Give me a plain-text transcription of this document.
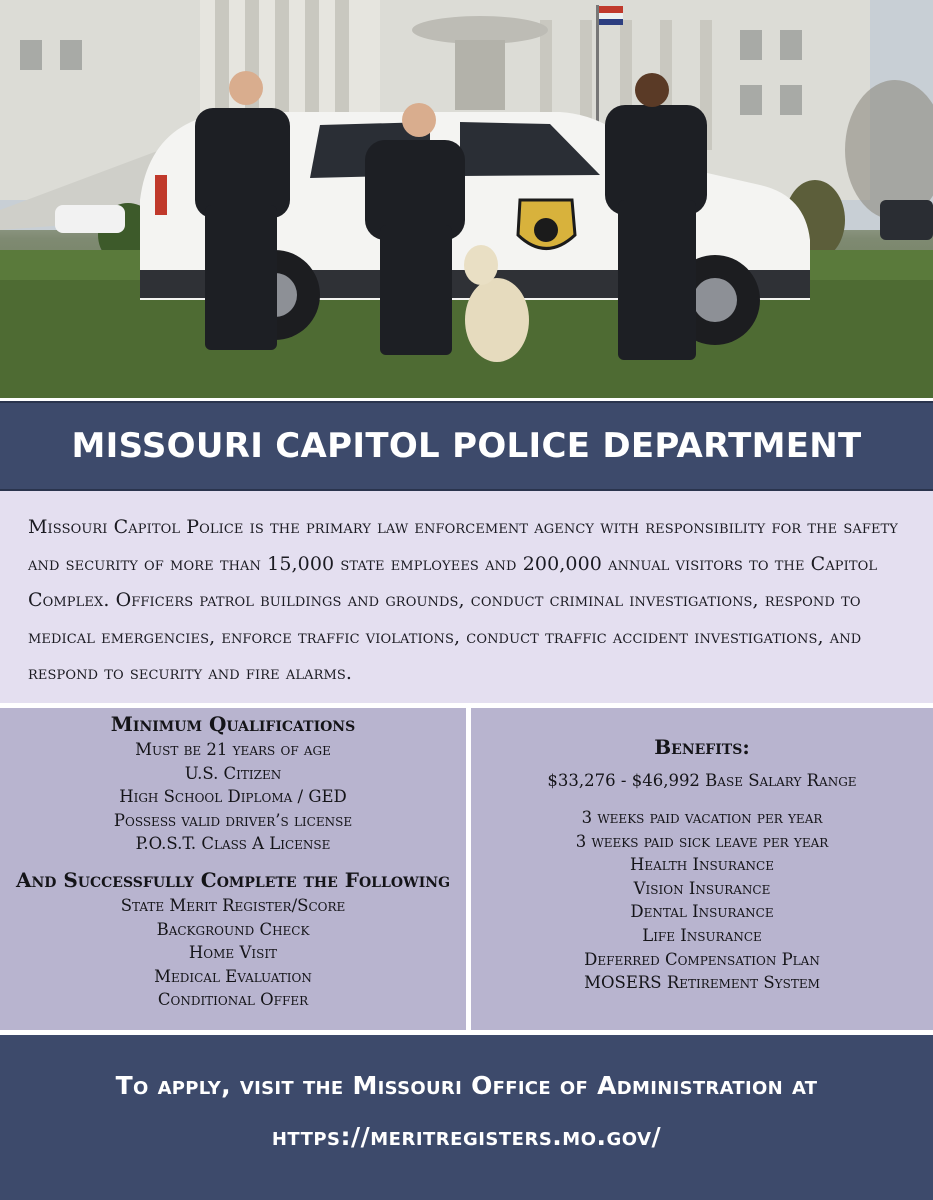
MISSOURI CAPITOL POLICE DEPARTMENT

Missouri Capitol Police is the primary law enforcement agency with responsibility for the safety and security of more than 15,000 state employees and 200,000 annual visitors to the Capitol Complex. Officers patrol buildings and grounds, conduct criminal investigations, respond to medical emergencies, enforce traffic violations, conduct traffic accident investigations, and respond to security and fire alarms.

Minimum Qualifications
Must be 21 years of age
U.S. Citizen
High School Diploma / GED
Possess valid driver’s license
P.O.S.T. Class A License
And Successfully Complete the Following
State Merit Register/Score
Background Check
Home Visit
Medical Evaluation
Conditional Offer
Benefits:
$33,276 - $46,992 Base Salary Range
3 weeks paid vacation per year
3 weeks paid sick leave per year
Health Insurance
Vision Insurance
Dental Insurance
Life Insurance
Deferred Compensation Plan
MOSERS Retirement System
To apply, visit the Missouri Office of Administration at
https://meritregisters.mo.gov/
